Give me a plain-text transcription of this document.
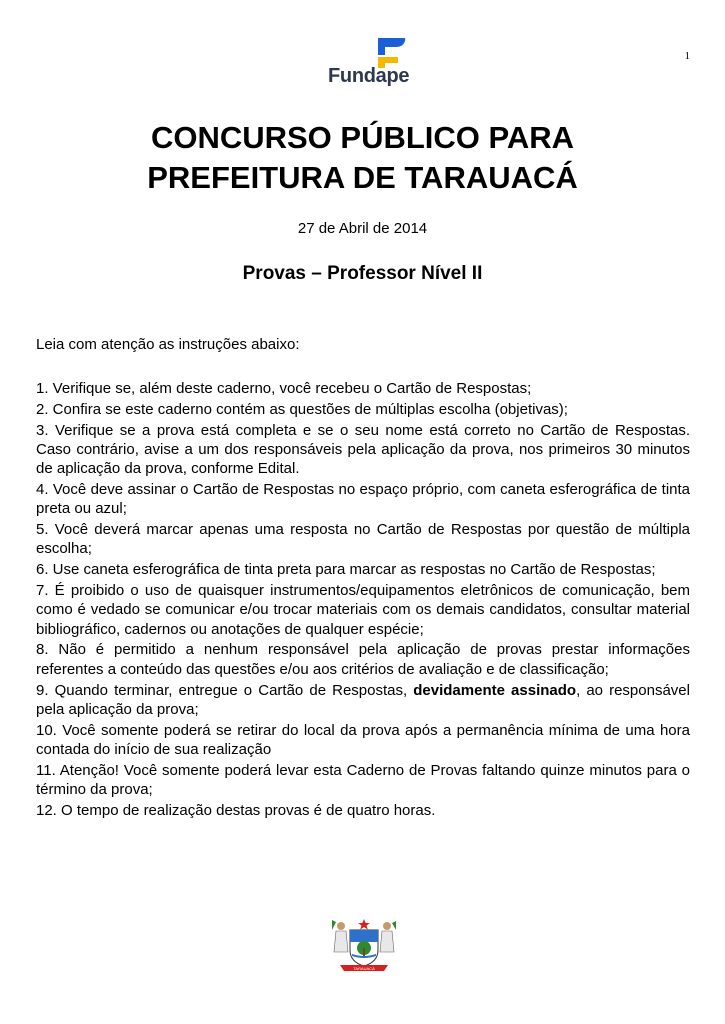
1
Fundape
CONCURSO PÚBLICO PARA
PREFEITURA DE TARAUACÁ
27 de Abril de 2014
Provas – Professor Nível II
Leia com atenção as instruções abaixo:

1. Verifique se, além deste caderno, você recebeu o Cartão de Respostas;

2. Confira se este caderno contém as questões de múltiplas escolha (objetivas);

3. Verifique se a prova está completa e se o seu nome está correto no Cartão de Respostas. Caso contrário, avise a um dos responsáveis pela aplicação da prova, nos primeiros 30 minutos de aplicação da prova, conforme Edital.

4. Você deve assinar o Cartão de Respostas no espaço próprio, com caneta esferográfica de tinta preta ou azul;

5. Você deverá marcar apenas uma resposta no Cartão de Respostas por questão de múltipla escolha;

6. Use caneta esferográfica de tinta preta para marcar as respostas no Cartão de Respostas;

7. É proibido o uso de quaisquer instrumentos/equipamentos eletrônicos de comunicação, bem como é vedado se comunicar e/ou trocar materiais com os demais candidatos, consultar material bibliográfico, cadernos ou anotações de qualquer espécie;

8. Não é permitido a nenhum responsável pela aplicação de provas prestar informações referentes a conteúdo das questões e/ou aos critérios de avaliação e de classificação;

9. Quando terminar, entregue o Cartão de Respostas, devidamente assinado, ao responsável pela aplicação da prova;

10. Você somente poderá se retirar do local da prova após a permanência mínima de uma hora contada do início de sua realização

11. Atenção! Você somente poderá levar esta Caderno de Provas faltando quinze minutos para o término da prova;

12. O tempo de realização destas provas é de quatro horas.

TARAUACÁ
